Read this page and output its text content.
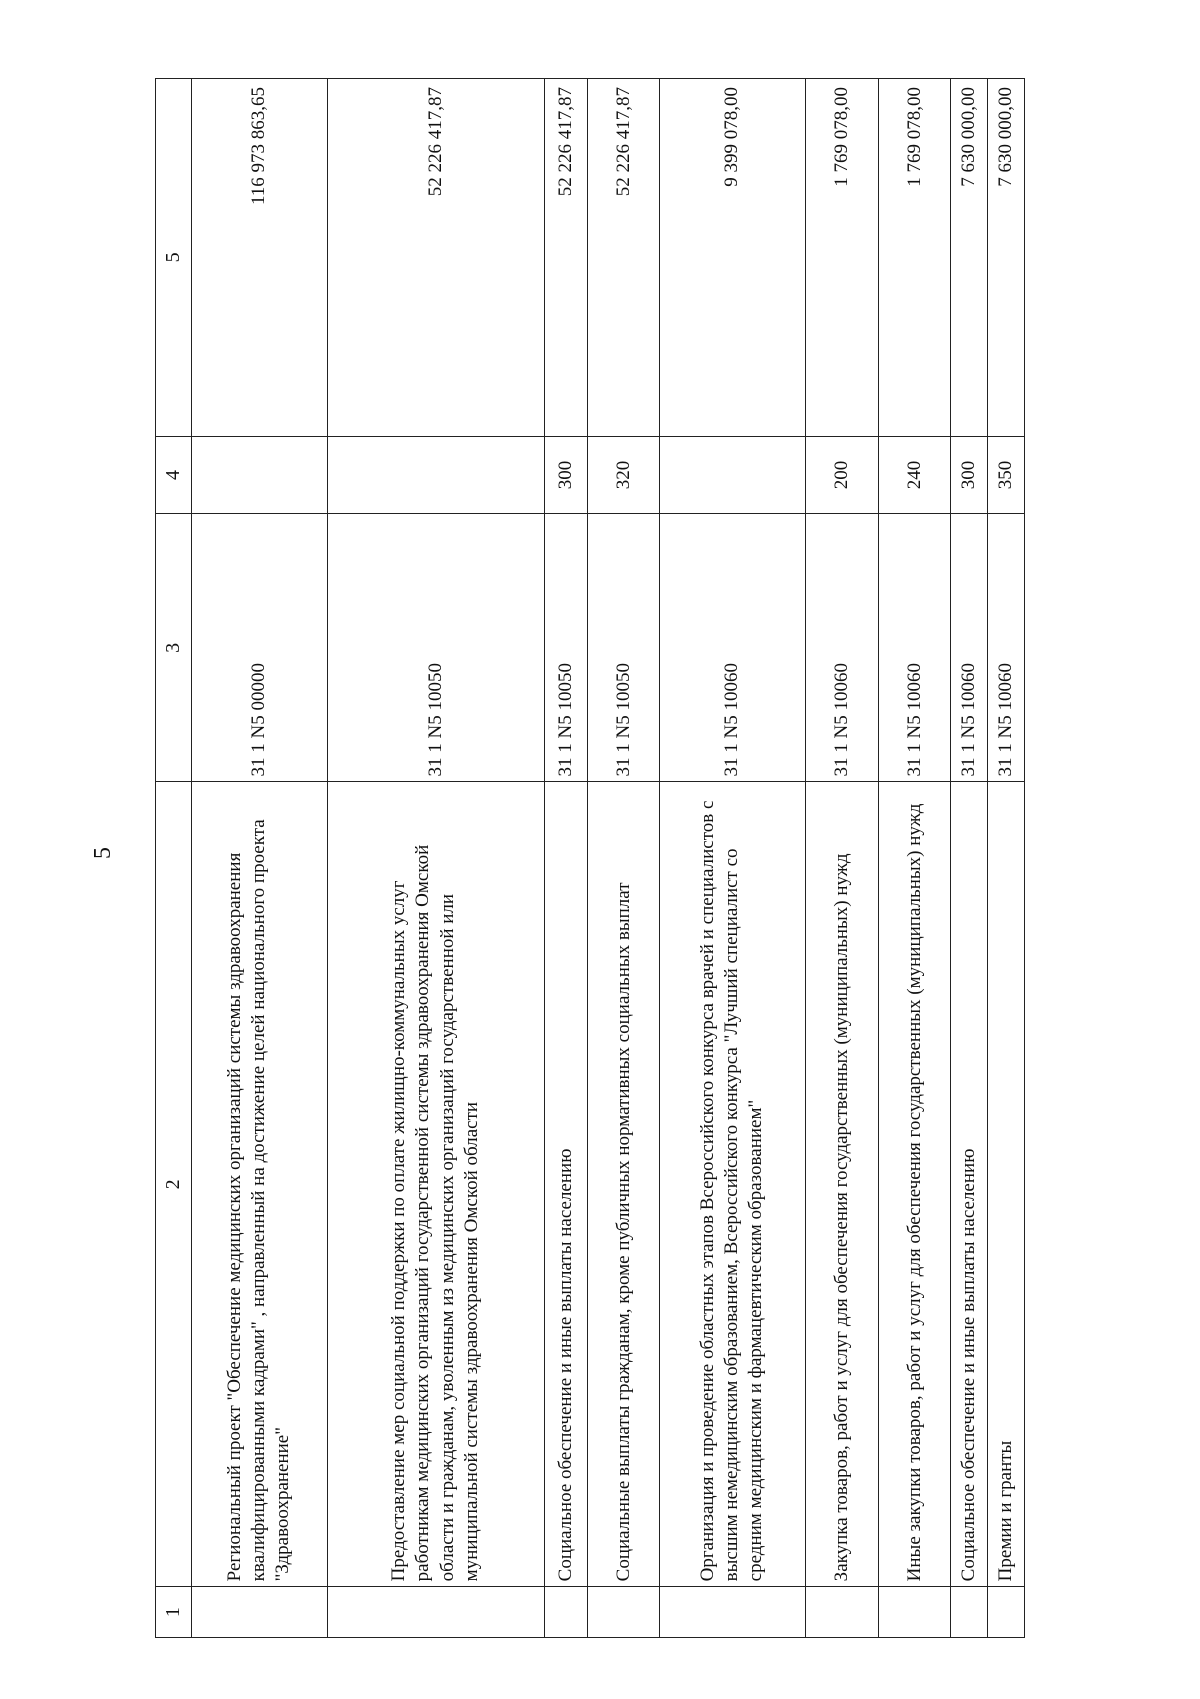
5
1	2	3	4	5
	Региональный проект "Обеспечение медицинских организаций системы здравоохранения квалифицированными кадрами" , направленный на достижение целей национального проекта "Здравоохранение"	31 1 N5 00000		116 973 863,65
	Предоставление мер социальной поддержки по оплате жилищно-коммунальных услуг работникам медицинских организаций государственной системы здравоохранения Омской области и гражданам, уволенным из медицинских организаций государственной или муниципальной системы здравоохранения Омской области	31 1 N5 10050		52 226 417,87
	Социальное обеспечение и иные выплаты населению	31 1 N5 10050	300	52 226 417,87
	Социальные выплаты гражданам, кроме публичных нормативных социальных выплат	31 1 N5 10050	320	52 226 417,87
	Организация и проведение областных этапов Всероссийского конкурса врачей и специалистов с высшим немедицинским образованием, Всероссийского конкурса "Лучший специалист со средним медицинским и фармацевтическим образованием"	31 1 N5 10060		9 399 078,00
	Закупка товаров, работ и услуг для обеспечения государственных (муниципальных) нужд	31 1 N5 10060	200	1 769 078,00
	Иные закупки товаров, работ и услуг для обеспечения государственных (муниципальных) нужд	31 1 N5 10060	240	1 769 078,00
	Социальное обеспечение и иные выплаты населению	31 1 N5 10060	300	7 630 000,00
	Премии и гранты	31 1 N5 10060	350	7 630 000,00
